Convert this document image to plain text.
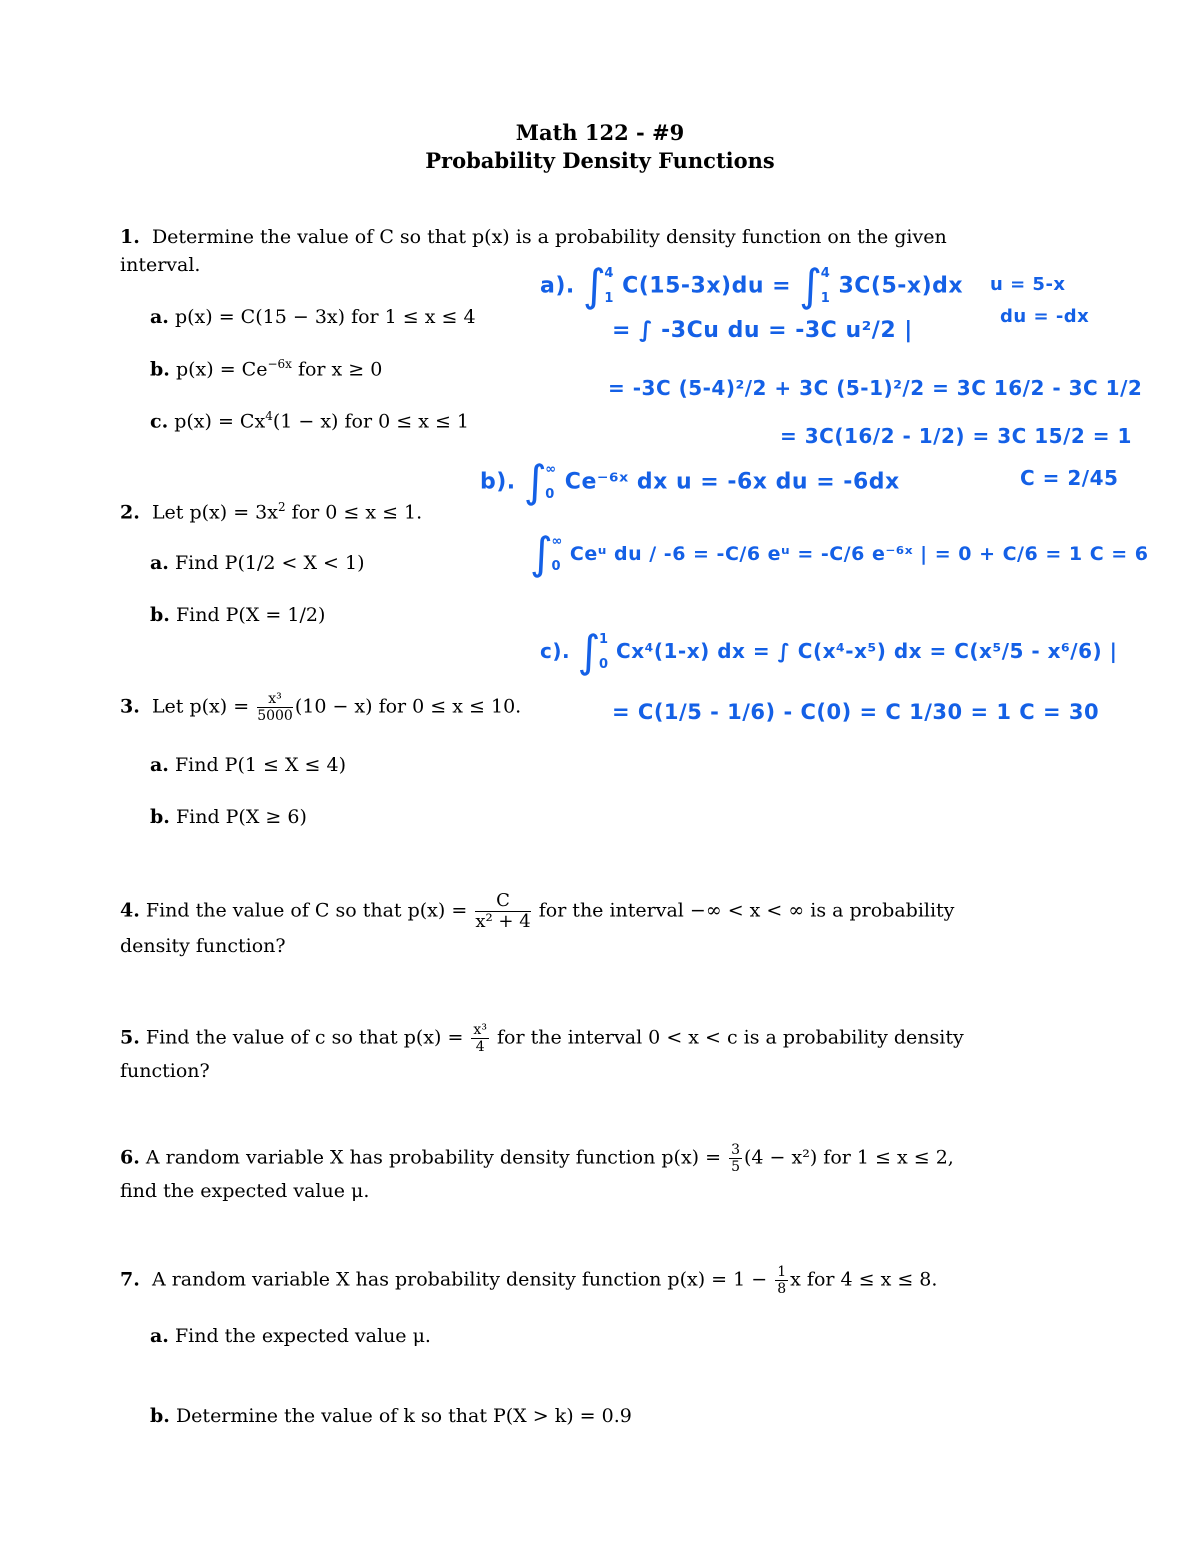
Math 122 - #9
Probability Density Functions
1. Determine the value of C so that p(x) is a probability density function on the given
interval.
a. p(x) = C(15 − 3x) for 1 ≤ x ≤ 4
b. $p(x) = Ce^{-6x}$ for x ≥ 0
c. $p(x) = Cx^4(1 - x)$ for 0 ≤ x ≤ 1
2. Let $p(x) = 3x^2$ for 0 ≤ x ≤ 1.
a. Find P(1/2 < X < 1)
b. Find P(X = 1/2)
3. Let $p(x) = \frac{\text{x³}}{5000} (10 - x)$ for 0 ≤ x ≤ 10.
a. Find P(1 ≤ X ≤ 4)
b. Find P(X ≥ 6)
4. Find the value of C so that $p(x) = \frac{C}{\text{x² + 4}}$ for the interval −∞ < x < ∞ is a probability
density function?
5. Find the value of c so that $p(x) = \frac{\text{x³}}{4}$ for the interval 0 < x < c is a probability density
function?
6. A random variable X has probability density function $p(x) = \frac{3}{5} (4 - x^2)$ for 1 ≤ x ≤ 2,
find the expected value μ.
7. A random variable X has probability density function $p(x) = 1 - \frac{1}{8}$ x for 4 ≤ x ≤ 8.
a. Find the expected value μ.
b. Determine the value of k so that P(X > k) = 0.9
a). ∫
4
1 C(15-3x)du = ∫
4
1 3C(5-x)dx u = 5-x
du = -dx
= ∫ -3Cu du = -3C u²/2 |
= -3C (5-4)²/2 + 3C (5-1)²/2 = 3C 16/2 - 3C 1/2
= 3C(16/2 - 1/2) = 3C 15/2 = 1
C = 2/45
b). ∫
∞
0 Ce⁻⁶ˣ dx u = -6x du = -6dx
∫
∞
0
Ceᵘ du / -6 = -C/6 eᵘ = -C/6 e⁻⁶ˣ | = 0 + C/6 = 1 C = 6
c). ∫
1
0
Cx⁴(1-x) dx = ∫ C(x⁴-x⁵) dx = C(x⁵/5 - x⁶/6) |
= C(1/5 - 1/6) - C(0) = C 1/30 = 1 C = 30
